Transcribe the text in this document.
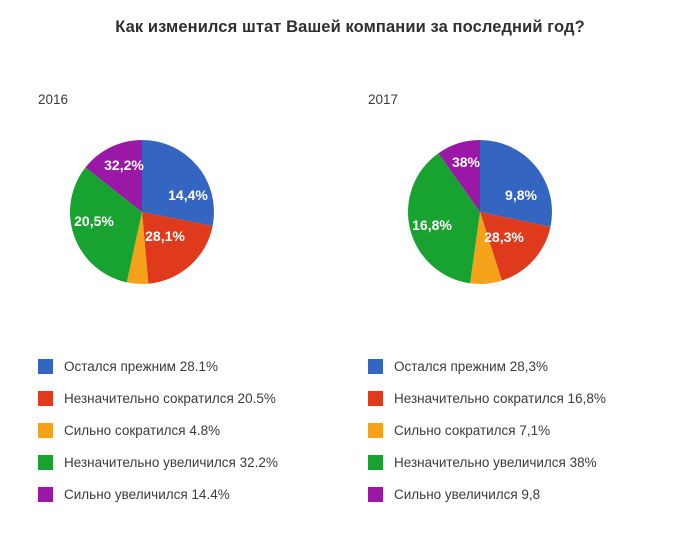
Как изменился штат Вашей компании за последний год?
2016
28,1%
20,5%
32,2%
14,4%
Остался прежним 28.1%
Незначительно сократился 20.5%
Сильно сократился 4.8%
Незначительно увеличился 32.2%
Сильно увеличился 14.4%
2017
28,3%
16,8%
38%
9,8%
Остался прежним 28,3%
Незначительно сократился 16,8%
Сильно сократился 7,1%
Незначительно увеличился 38%
Сильно увеличился 9,8
